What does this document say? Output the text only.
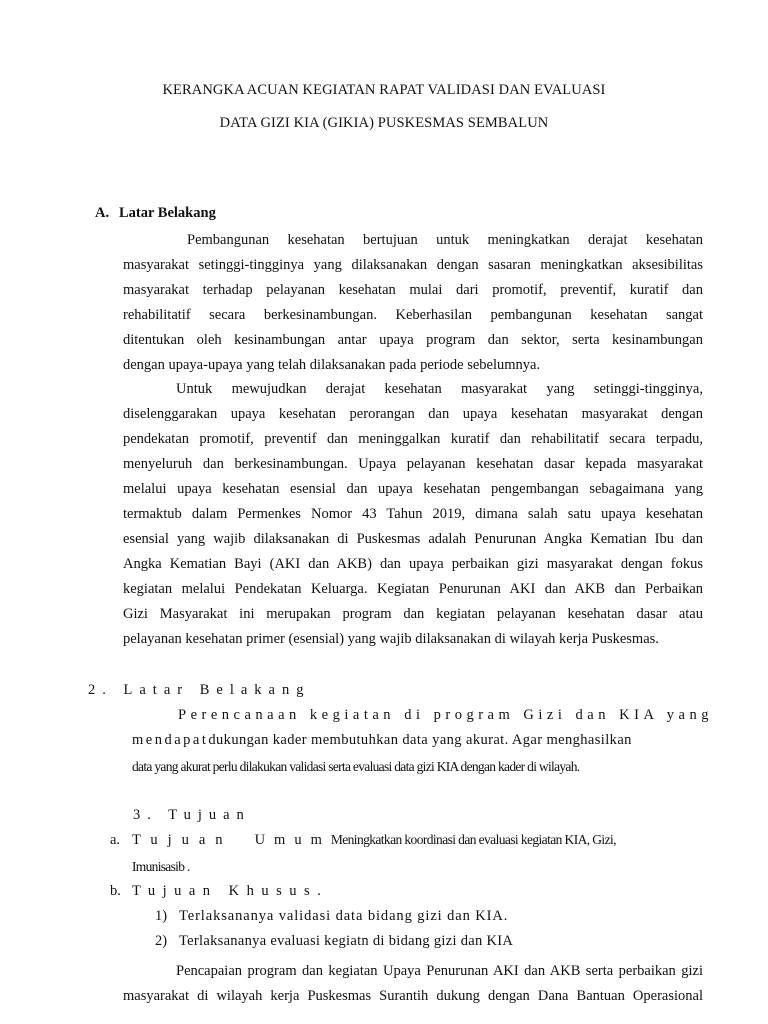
KERANGKA ACUAN KEGIATAN RAPAT VALIDASI DAN EVALUASI
DATA GIZI KIA (GIKIA) PUSKESMAS SEMBALUN
A. Latar Belakang
Pembangunan kesehatan bertujuan untuk meningkatkan derajat kesehatan
masyarakat setinggi-tingginya yang dilaksanakan dengan sasaran meningkatkan aksesibilitas
masyarakat terhadap pelayanan kesehatan mulai dari promotif, preventif, kuratif dan
rehabilitatif secara berkesinambungan. Keberhasilan pembangunan kesehatan sangat
ditentukan oleh kesinambungan antar upaya program dan sektor, serta kesinambungan
dengan upaya-upaya yang telah dilaksanakan pada periode sebelumnya.
Untuk mewujudkan derajat kesehatan masyarakat yang setinggi-tingginya,
diselenggarakan upaya kesehatan perorangan dan upaya kesehatan masyarakat dengan
pendekatan promotif, preventif dan meninggalkan kuratif dan rehabilitatif secara terpadu,
menyeluruh dan berkesinambungan. Upaya pelayanan kesehatan dasar kepada masyarakat
melalui upaya kesehatan esensial dan upaya kesehatan pengembangan sebagaimana yang
termaktub dalam Permenkes Nomor 43 Tahun 2019, dimana salah satu upaya kesehatan
esensial yang wajib dilaksanakan di Puskesmas adalah Penurunan Angka Kematian Ibu dan
Angka Kematian Bayi (AKI dan AKB) dan upaya perbaikan gizi masyarakat dengan fokus
kegiatan melalui Pendekatan Keluarga. Kegiatan Penurunan AKI dan AKB dan Perbaikan
Gizi Masyarakat ini merupakan program dan kegiatan pelayanan kesehatan dasar atau
pelayanan kesehatan primer (esensial) yang wajib dilaksanakan di wilayah kerja Puskesmas.
2. Latar Belakang
Perencanaan kegiatan di program Gizi dan KIA yang
mendapatdukungan kader membutuhkan data yang akurat. Agar menghasilkan
data yang akurat perlu dilakukan validasi serta evaluasi data gizi KIA dengan kader di wilayah.
3. Tujuan
a. Tujuan UmumMeningkatkan koordinasi dan evaluasi kegiatan KIA, Gizi,
Imunisasib .
b. Tujuan Khusus.
1) Terlaksananya validasi data bidang gizi dan KIA.
2) Terlaksananya evaluasi kegiatn di bidang gizi dan KIA
Pencapaian program dan kegiatan Upaya Penurunan AKI dan AKB serta perbaikan gizi
masyarakat di wilayah kerja Puskesmas Surantih dukung dengan Dana Bantuan Operasional
